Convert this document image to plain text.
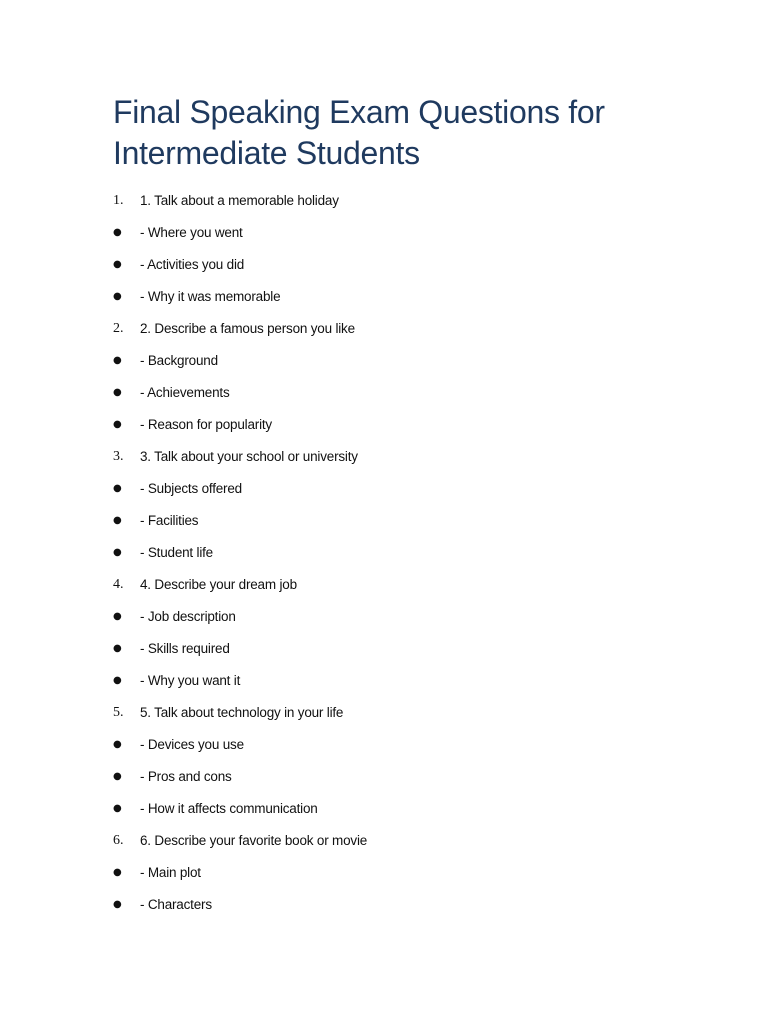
Final Speaking Exam Questions for Intermediate Students
1.	1. Talk about a memorable holiday
●	- Where you went
●	- Activities you did
●	- Why it was memorable
2.	2. Describe a famous person you like
●	- Background
●	- Achievements
●	- Reason for popularity
3.	3. Talk about your school or university
●	- Subjects offered
●	- Facilities
●	- Student life
4.	4. Describe your dream job
●	- Job description
●	- Skills required
●	- Why you want it
5.	5. Talk about technology in your life
●	- Devices you use
●	- Pros and cons
●	- How it affects communication
6.	6. Describe your favorite book or movie
●	- Main plot
●	- Characters
